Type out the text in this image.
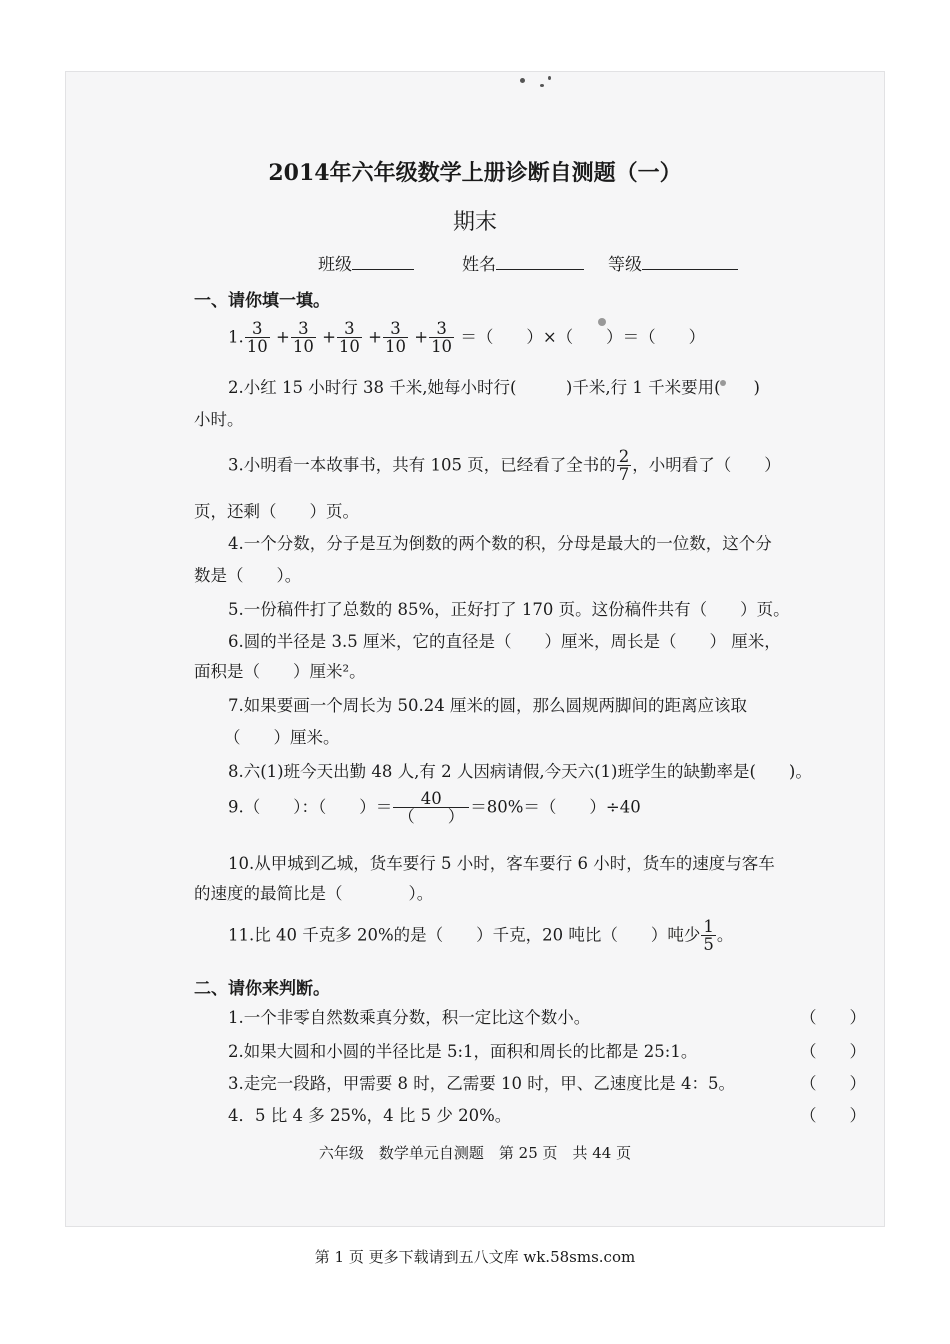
2014年六年级数学上册诊断自测题（一）
期末
班级	姓名	等级
一、请你填一填。
1. $\frac{3}{10} + \frac{3}{10} + \frac{3}{10} + \frac{3}{10} + \frac{3}{10}$ ＝（　　）×（　　）＝（　　）
2.小红 15 小时行 38 千米,她每小时行(　　　)千米,行 1 千米要用(　　)
小时。
3.小明看一本故事书，共有 105 页，已经看了全书的 $\frac{2}{7}$ ，小明看了（　　）
页，还剩（　　）页。
4.一个分数，分子是互为倒数的两个数的积，分母是最大的一位数，这个分
数是（　　）。
5.一份稿件打了总数的 85%，正好打了 170 页。这份稿件共有（　　）页。
6.圆的半径是 3.5 厘米，它的直径是（　　）厘米，周长是（　　） 厘米，
面积是（　　）厘米²。
7.如果要画一个周长为 50.24 厘米的圆，那么圆规两脚间的距离应该取
（　　）厘米。
8.六(1)班今天出勤 48 人,有 2 人因病请假,今天六(1)班学生的缺勤率是(　　)。
9.（　　）：（　　）＝ $\frac{40}{( )} =80\%=$（　　）÷40
10.从甲城到乙城，货车要行 5 小时，客车要行 6 小时，货车的速度与客车
的速度的最简比是（　　　　）。
11.比 40 千克多 20%的是（　　）千克，20 吨比（　　）吨少 $\frac{1}{5}$ 。
二、请你来判断。
1.一个非零自然数乘真分数，积一定比这个数小。	（　　）
2.如果大圆和小圆的半径比是 5:1，面积和周长的比都是 25:1。	（　　）
3.走完一段路，甲需要 8 时，乙需要 10 时，甲、乙速度比是 4：5。	（　　）
4．5 比 4 多 25%，4 比 5 少 20%。	（　　）
六年级　数学单元自测题　第 25 页　共 44 页
第 1 页 更多下载请到五八文库 wk.58sms.com
